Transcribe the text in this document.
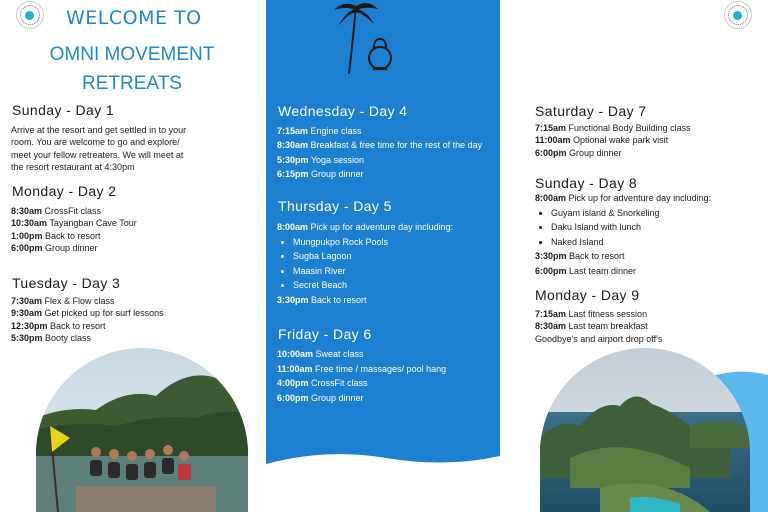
WELCOME TO
OMNI MOVEMENT
RETREATS
Sunday - Day 1
Arrive at the resort and get settled in to your
room. You are welcome to go and explore/
meet your fellow retreaters. We will meet at
the resort restaurant at 4:30pm
Monday - Day 2
8:30am CrossFit class
10:30am Tayangban Cave Tour
1:00pm Back to resort
6:00pm Group dinner
Tuesday - Day 3
7:30am Flex & Flow class
9:30am Get picked up for surf lessons
12:30pm Back to resort
5:30pm Booty class
Wednesday - Day 4
7:15am Engine class
8:30am Breakfast & free time for the rest of the day
5:30pm Yoga session
6:15pm Group dinner
Thursday - Day 5
8:00am Pick up for adventure day including:
• Mungpukpo Rock Pools
• Sugba Lagoon
• Maasin River
• Secret Beach
3:30pm Back to resort
Friday - Day 6
10:00am Sweat class
11:00am Free time / massages/ pool hang
4:00pm CrossFit class
6:00pm Group dinner
Saturday - Day 7
7:15am Functional Body Building class
11:00am Optional wake park visit
6:00pm Group dinner
Sunday - Day 8
8:00am Pick up for adventure day including:
• Guyam island & Snorkeling
• Daku Island with lunch
• Naked Island
3:30pm Back to resort
6:00pm Last team dinner
Monday - Day 9
7:15am Last fitness session
8:30am Last team breakfast
Goodbye's and airport drop off's
